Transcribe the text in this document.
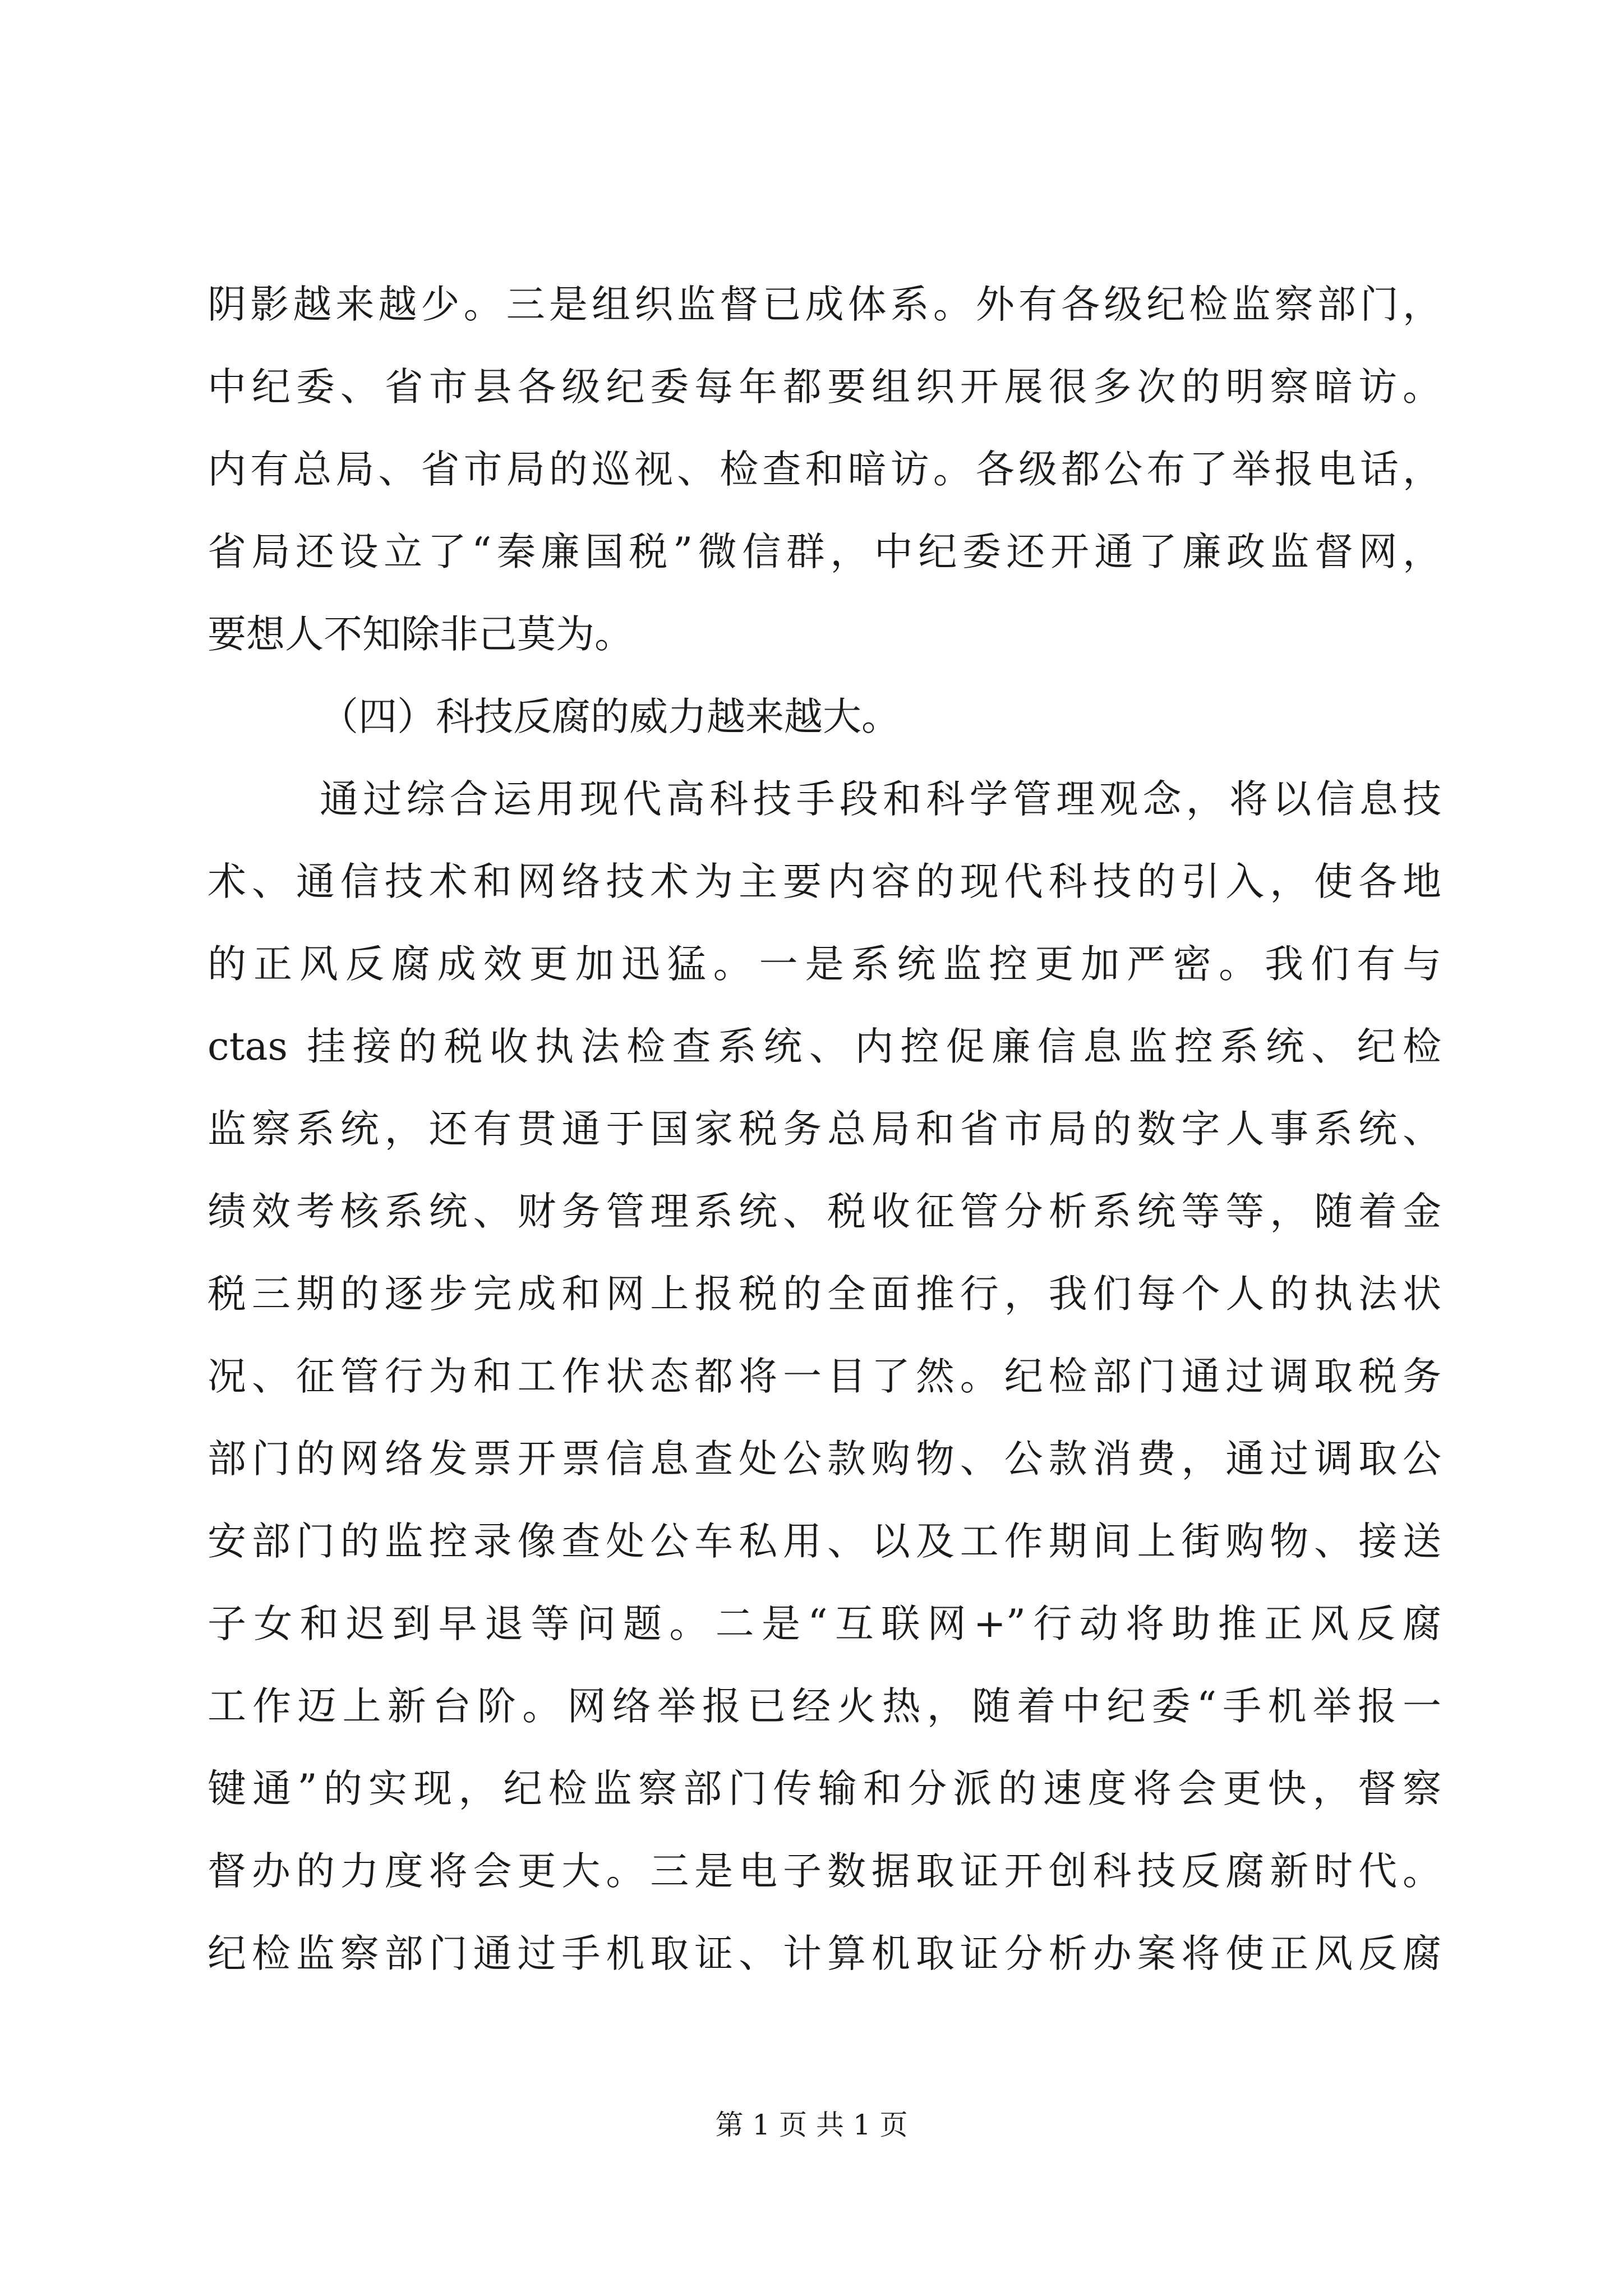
阴影越来越少。三是组织监督已成体系。外有各级纪检监察部门，
中纪委、省市县各级纪委每年都要组织开展很多次的明察暗访。
内有总局、省市局的巡视、检查和暗访。各级都公布了举报电话，
省局还设立了“秦廉国税”微信群，中纪委还开通了廉政监督网，
要想人不知除非己莫为。
（四）科技反腐的威力越来越大。
通过综合运用现代高科技手段和科学管理观念，将以信息技
术、通信技术和网络技术为主要内容的现代科技的引入，使各地
的正风反腐成效更加迅猛。一是系统监控更加严密。我们有与
ctas 挂接的税收执法检查系统、内控促廉信息监控系统、纪检
监察系统，还有贯通于国家税务总局和省市局的数字人事系统、
绩效考核系统、财务管理系统、税收征管分析系统等等，随着金
税三期的逐步完成和网上报税的全面推行，我们每个人的执法状
况、征管行为和工作状态都将一目了然。纪检部门通过调取税务
部门的网络发票开票信息查处公款购物、公款消费，通过调取公
安部门的监控录像查处公车私用、以及工作期间上街购物、接送
子女和迟到早退等问题。二是“互联网+”行动将助推正风反腐
工作迈上新台阶。网络举报已经火热，随着中纪委“手机举报一
键通”的实现，纪检监察部门传输和分派的速度将会更快，督察
督办的力度将会更大。三是电子数据取证开创科技反腐新时代。
纪检监察部门通过手机取证、计算机取证分析办案将使正风反腐
第 1 页 共 1 页
